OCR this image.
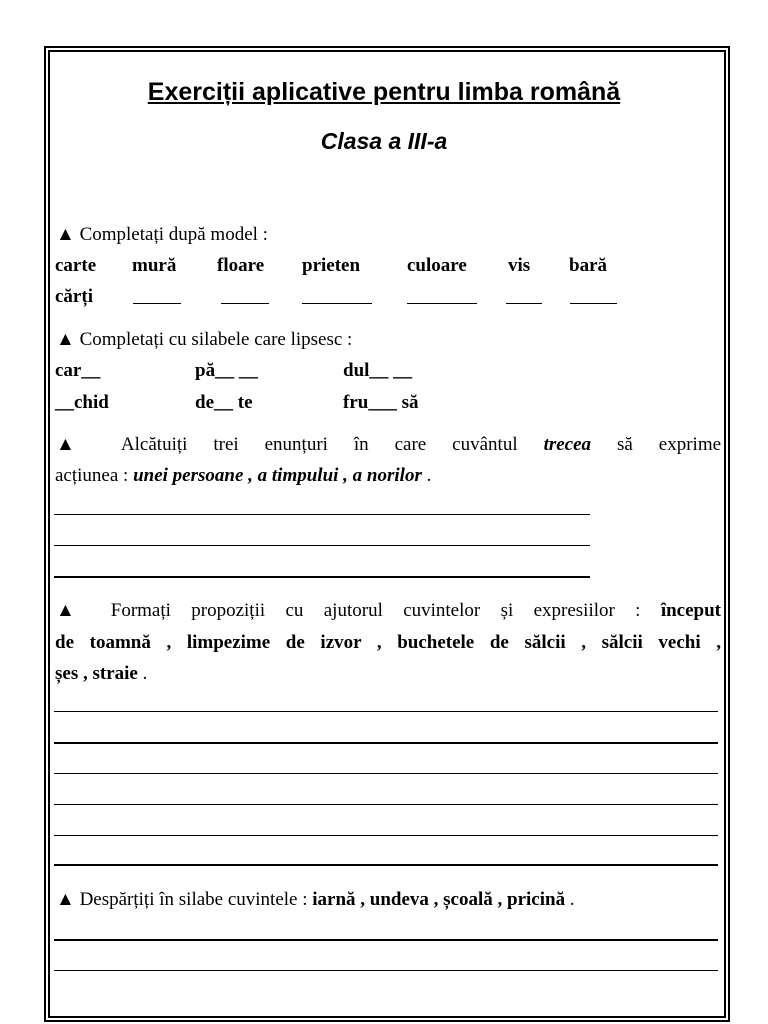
Exerciții aplicative pentru limba română
Clasa a III-a
▲ Completați după model :
carte mură floare prieten culoare vis bară
cărți
▲ Completați cu silabele care lipsesc :
car__	pă__ __	dul__ __
__chid	de__ te	fru___ să
▲ Alcătuiți trei enunțuri în care cuvântul trecea să exprime
acțiunea : unei persoane , a timpului , a norilor .
▲ Formați propoziții cu ajutorul cuvintelor și expresiilor : început
de toamnă , limpezime de izvor , buchetele de sălcii , sălcii vechi ,
șes , straie .
▲ Despărțiți în silabe cuvintele : iarnă , undeva , școală , pricină .
